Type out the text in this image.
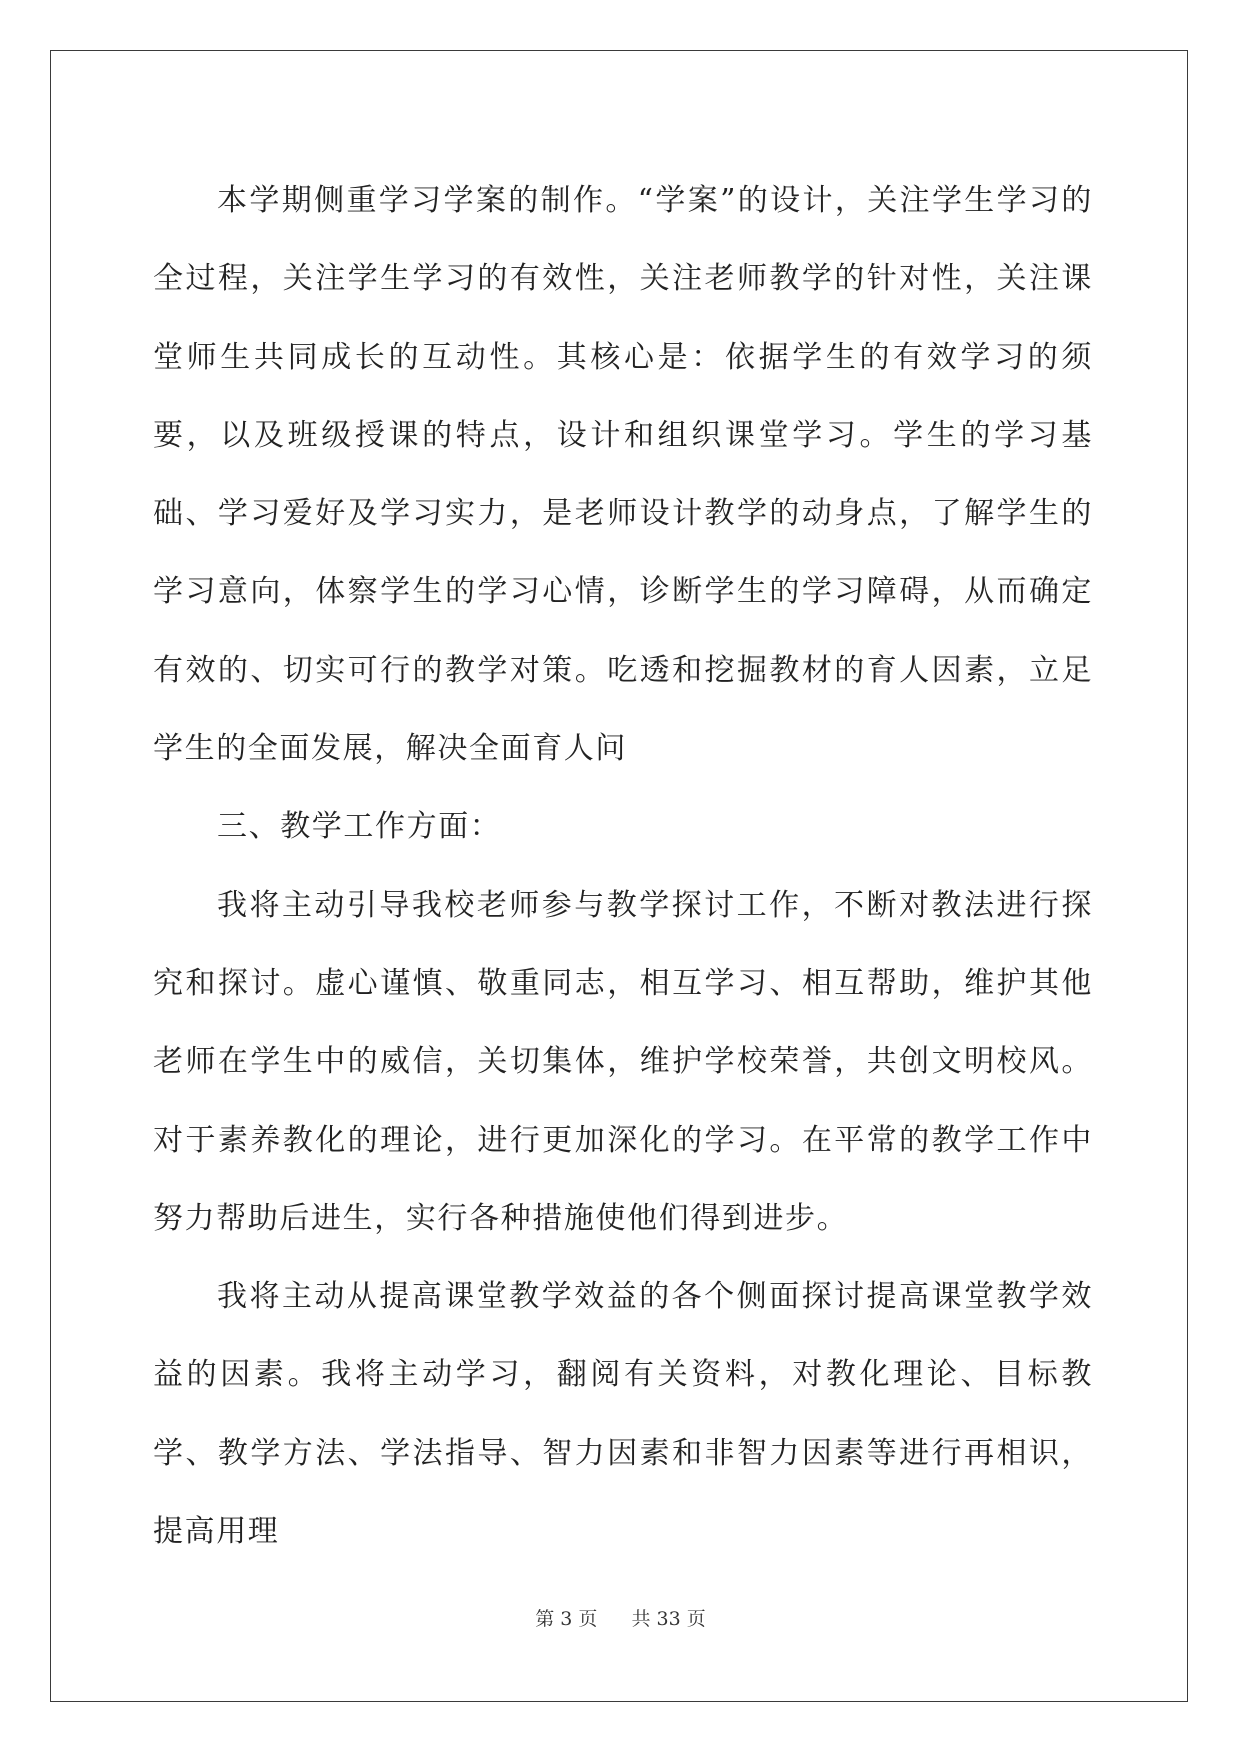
本学期侧重学习学案的制作。“学案”的设计，关注学生学习的全过程，关注学生学习的有效性，关注老师教学的针对性，关注课堂师生共同成长的互动性。其核心是：依据学生的有效学习的须要，以及班级授课的特点，设计和组织课堂学习。学生的学习基础、学习爱好及学习实力，是老师设计教学的动身点，了解学生的学习意向，体察学生的学习心情，诊断学生的学习障碍，从而确定有效的、切实可行的教学对策。吃透和挖掘教材的育人因素，立足学生的全面发展，解决全面育人问

三、教学工作方面：

我将主动引导我校老师参与教学探讨工作，不断对教法进行探究和探讨。虚心谨慎、敬重同志，相互学习、相互帮助，维护其他老师在学生中的威信，关切集体，维护学校荣誉，共创文明校风。对于素养教化的理论，进行更加深化的学习。在平常的教学工作中努力帮助后进生，实行各种措施使他们得到进步。

我将主动从提高课堂教学效益的各个侧面探讨提高课堂教学效益的因素。我将主动学习，翻阅有关资料，对教化理论、目标教学、教学方法、学法指导、智力因素和非智力因素等进行再相识，提高用理

第 3 页 共 33 页
